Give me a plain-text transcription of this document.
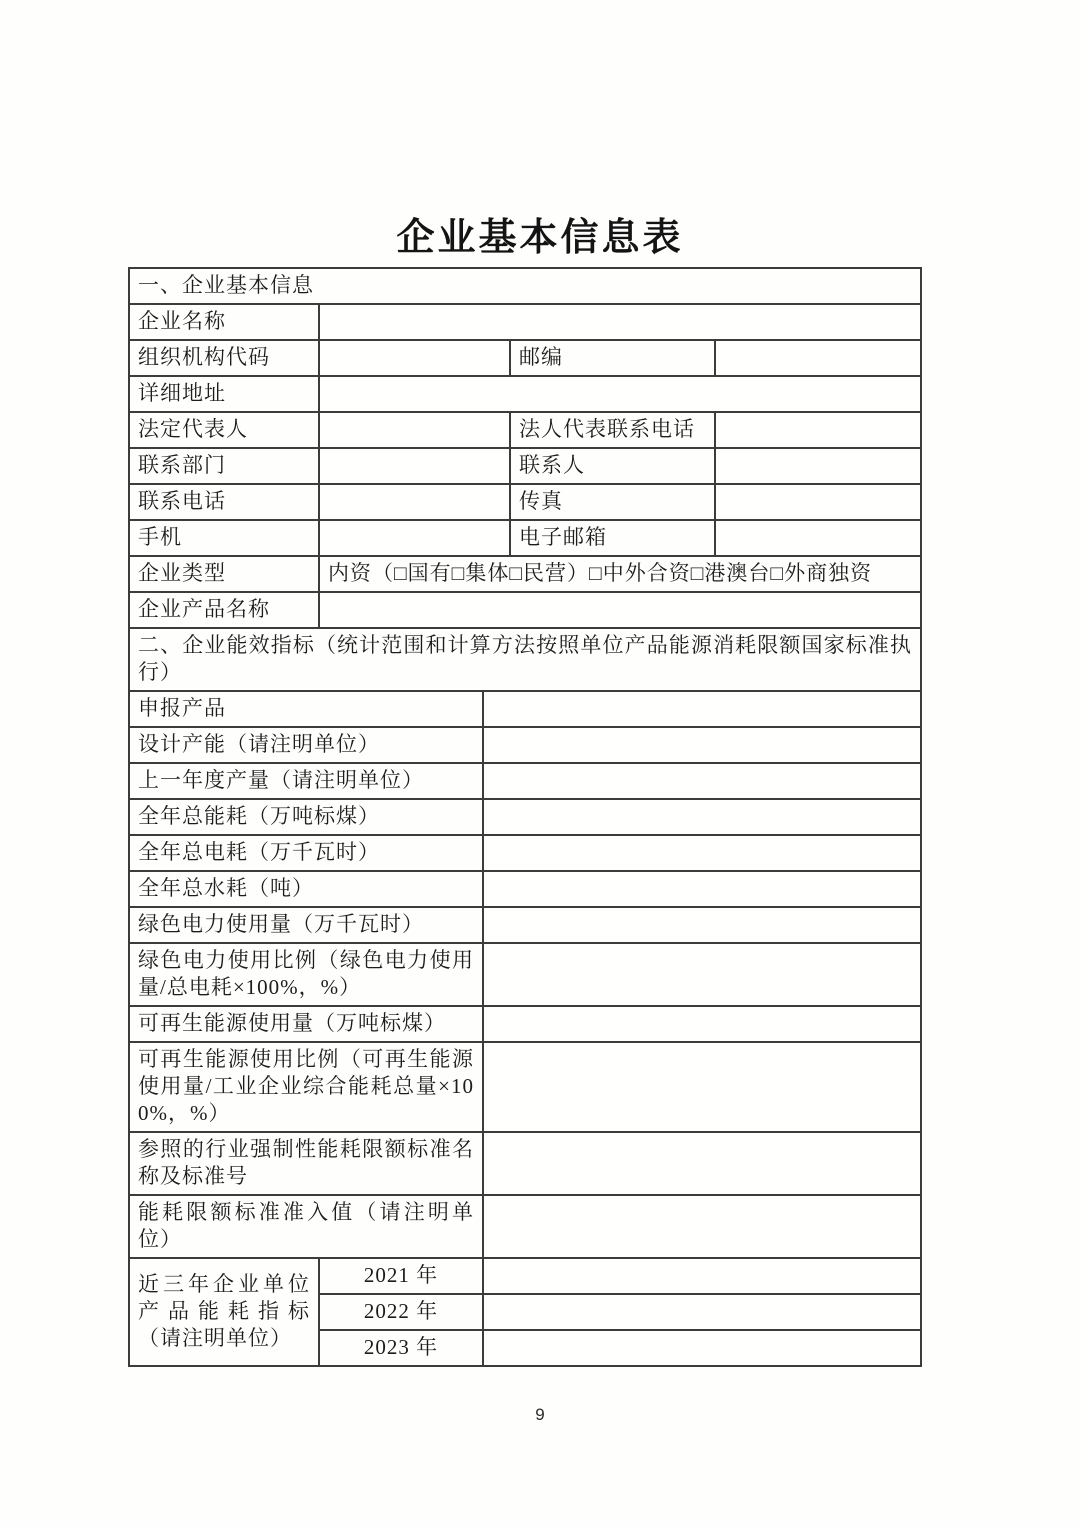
企业基本信息表
一、企业基本信息				
企业名称				
组织机构代码			邮编	
详细地址				
法定代表人			法人代表联系电话	
联系部门			联系人	
联系电话			传真	
手机			电子邮箱	
企业类型	内资（□国有□集体□民营）□中外合资□港澳台□外商独资			
企业产品名称				
二、企业能效指标（统计范围和计算方法按照单位产品能源消耗限额国家标准执行）				
申报产品				
设计产能（请注明单位）				
上一年度产量（请注明单位）				
全年总能耗（万吨标煤）				
全年总电耗（万千瓦时）				
全年总水耗（吨）				
绿色电力使用量（万千瓦时）				
绿色电力使用比例（绿色电力使用量/总电耗×100%，%）				
可再生能源使用量（万吨标煤）				
可再生能源使用比例（可再生能源使用量/工业企业综合能耗总量×100%，%）				
参照的行业强制性能耗限额标准名称及标准号				
能耗限额标准准入值（请注明单位）				
近三年企业单位产品能耗指标（请注明单位）	2021 年			
	2022 年			
	2023 年			
9
